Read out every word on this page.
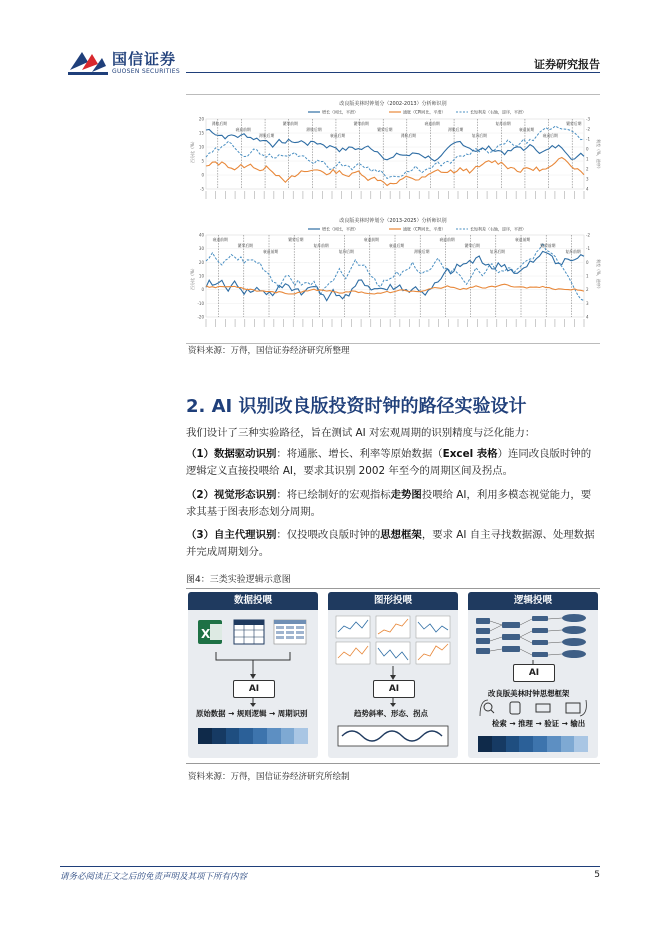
国信证券
GUOSEN SECURITIES
证券研究报告
改良版美林时钟划分（2002-2013）分析师识别
增长（同比，平滑）	通胀（CPI同比，平滑）	长短利差（右轴，逆序，平滑）
20
15
10
5
0
-5
-3
-2
-1
0
1
2
3
4
滞胀后期
衰退前期
滞胀后期
繁荣前期
滞胀后期
衰退后期
繁荣前期
繁荣后期
滞胀后期
衰退前期
滞胀后期
复苏后期
复苏前期
衰退前期
衰退后期
繁荣后期
百分比（%）	利差（%，逆序）
改良版美林时钟划分（2013-2025）分析师识别
增长（同比，平滑）	通胀（CPI同比，平滑）	长短利差（右轴，逆序，平滑）
40
30
20
10
0
-10
-20
-2
-1
0
1
2
3
4
衰退前期
繁荣后期
衰退前期
繁荣后期
复苏前期
复苏后期
衰退前期
衰退后期
滞胀后期
衰退前期
繁荣后期
复苏后期
衰退前期
繁荣前期
复苏前期
百分比（%）	利差（%，逆序）
资料来源：万得，国信证券经济研究所整理
2. AI 识别改良版投资时钟的路径实验设计
我们设计了三种实验路径，旨在测试 AI 对宏观周期的识别精度与泛化能力：
（1）数据驱动识别：将通胀、增长、利率等原始数据（Excel 表格）连同改良版时钟的逻辑定义直接投喂给 AI，要求其识别 2002 年至今的周期区间及拐点。
（2）视觉形态识别：将已绘制好的宏观指标走势图投喂给 AI，利用多模态视觉能力，要求其基于图表形态划分周期。
（3）自主代理识别：仅投喂改良版时钟的思想框架，要求 AI 自主寻找数据源、处理数据并完成周期划分。
图4：三类实验逻辑示意图
数据投喂
X
AI
原始数据 → 规则逻辑 → 周期识别
图形投喂
AI
趋势斜率、形态、拐点
逻辑投喂
AI
改良版美林时钟思想框架
检索 → 推理 → 验证 → 输出
资料来源：万得，国信证券经济研究所绘制
请务必阅读正文之后的免责声明及其项下所有内容	5
